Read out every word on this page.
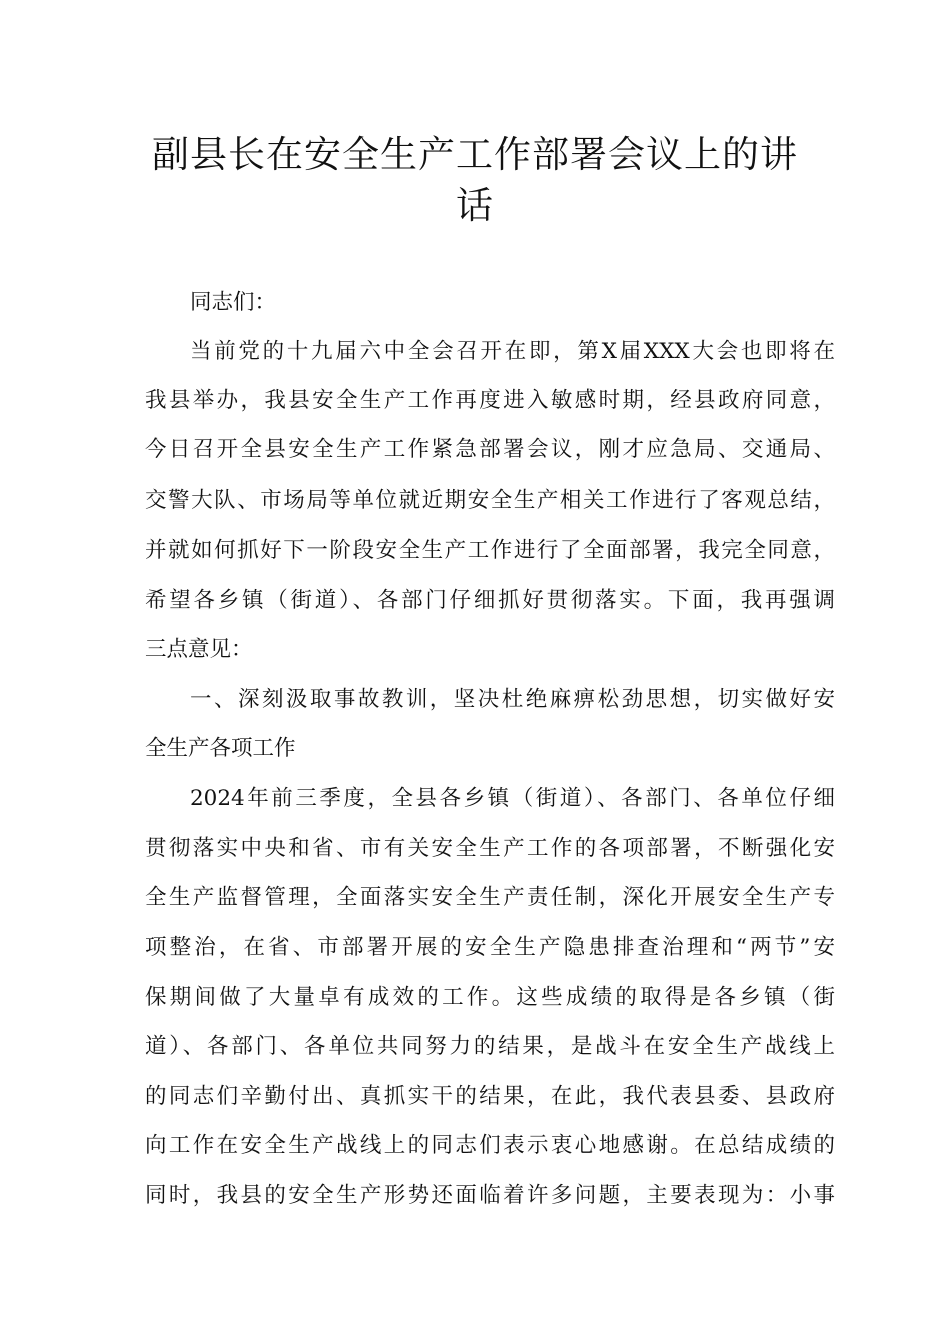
副县长在安全生产工作部署会议上的讲
话
同志们：
当前党的十九届六中全会召开在即，第X届XXX大会也即将在
我县举办，我县安全生产工作再度进入敏感时期，经县政府同意，
今日召开全县安全生产工作紧急部署会议，刚才应急局、交通局、
交警大队、市场局等单位就近期安全生产相关工作进行了客观总结，
并就如何抓好下一阶段安全生产工作进行了全面部署，我完全同意，
希望各乡镇（街道）、各部门仔细抓好贯彻落实。下面，我再强调
三点意见：
一、深刻汲取事故教训，坚决杜绝麻痹松劲思想，切实做好安
全生产各项工作
2024年前三季度，全县各乡镇（街道）、各部门、各单位仔细
贯彻落实中央和省、市有关安全生产工作的各项部署，不断强化安
全生产监督管理，全面落实安全生产责任制，深化开展安全生产专
项整治，在省、市部署开展的安全生产隐患排查治理和“两节”安
保期间做了大量卓有成效的工作。这些成绩的取得是各乡镇（街
道）、各部门、各单位共同努力的结果，是战斗在安全生产战线上
的同志们辛勤付出、真抓实干的结果，在此，我代表县委、县政府
向工作在安全生产战线上的同志们表示衷心地感谢。在总结成绩的
同时，我县的安全生产形势还面临着许多问题，主要表现为：小事
